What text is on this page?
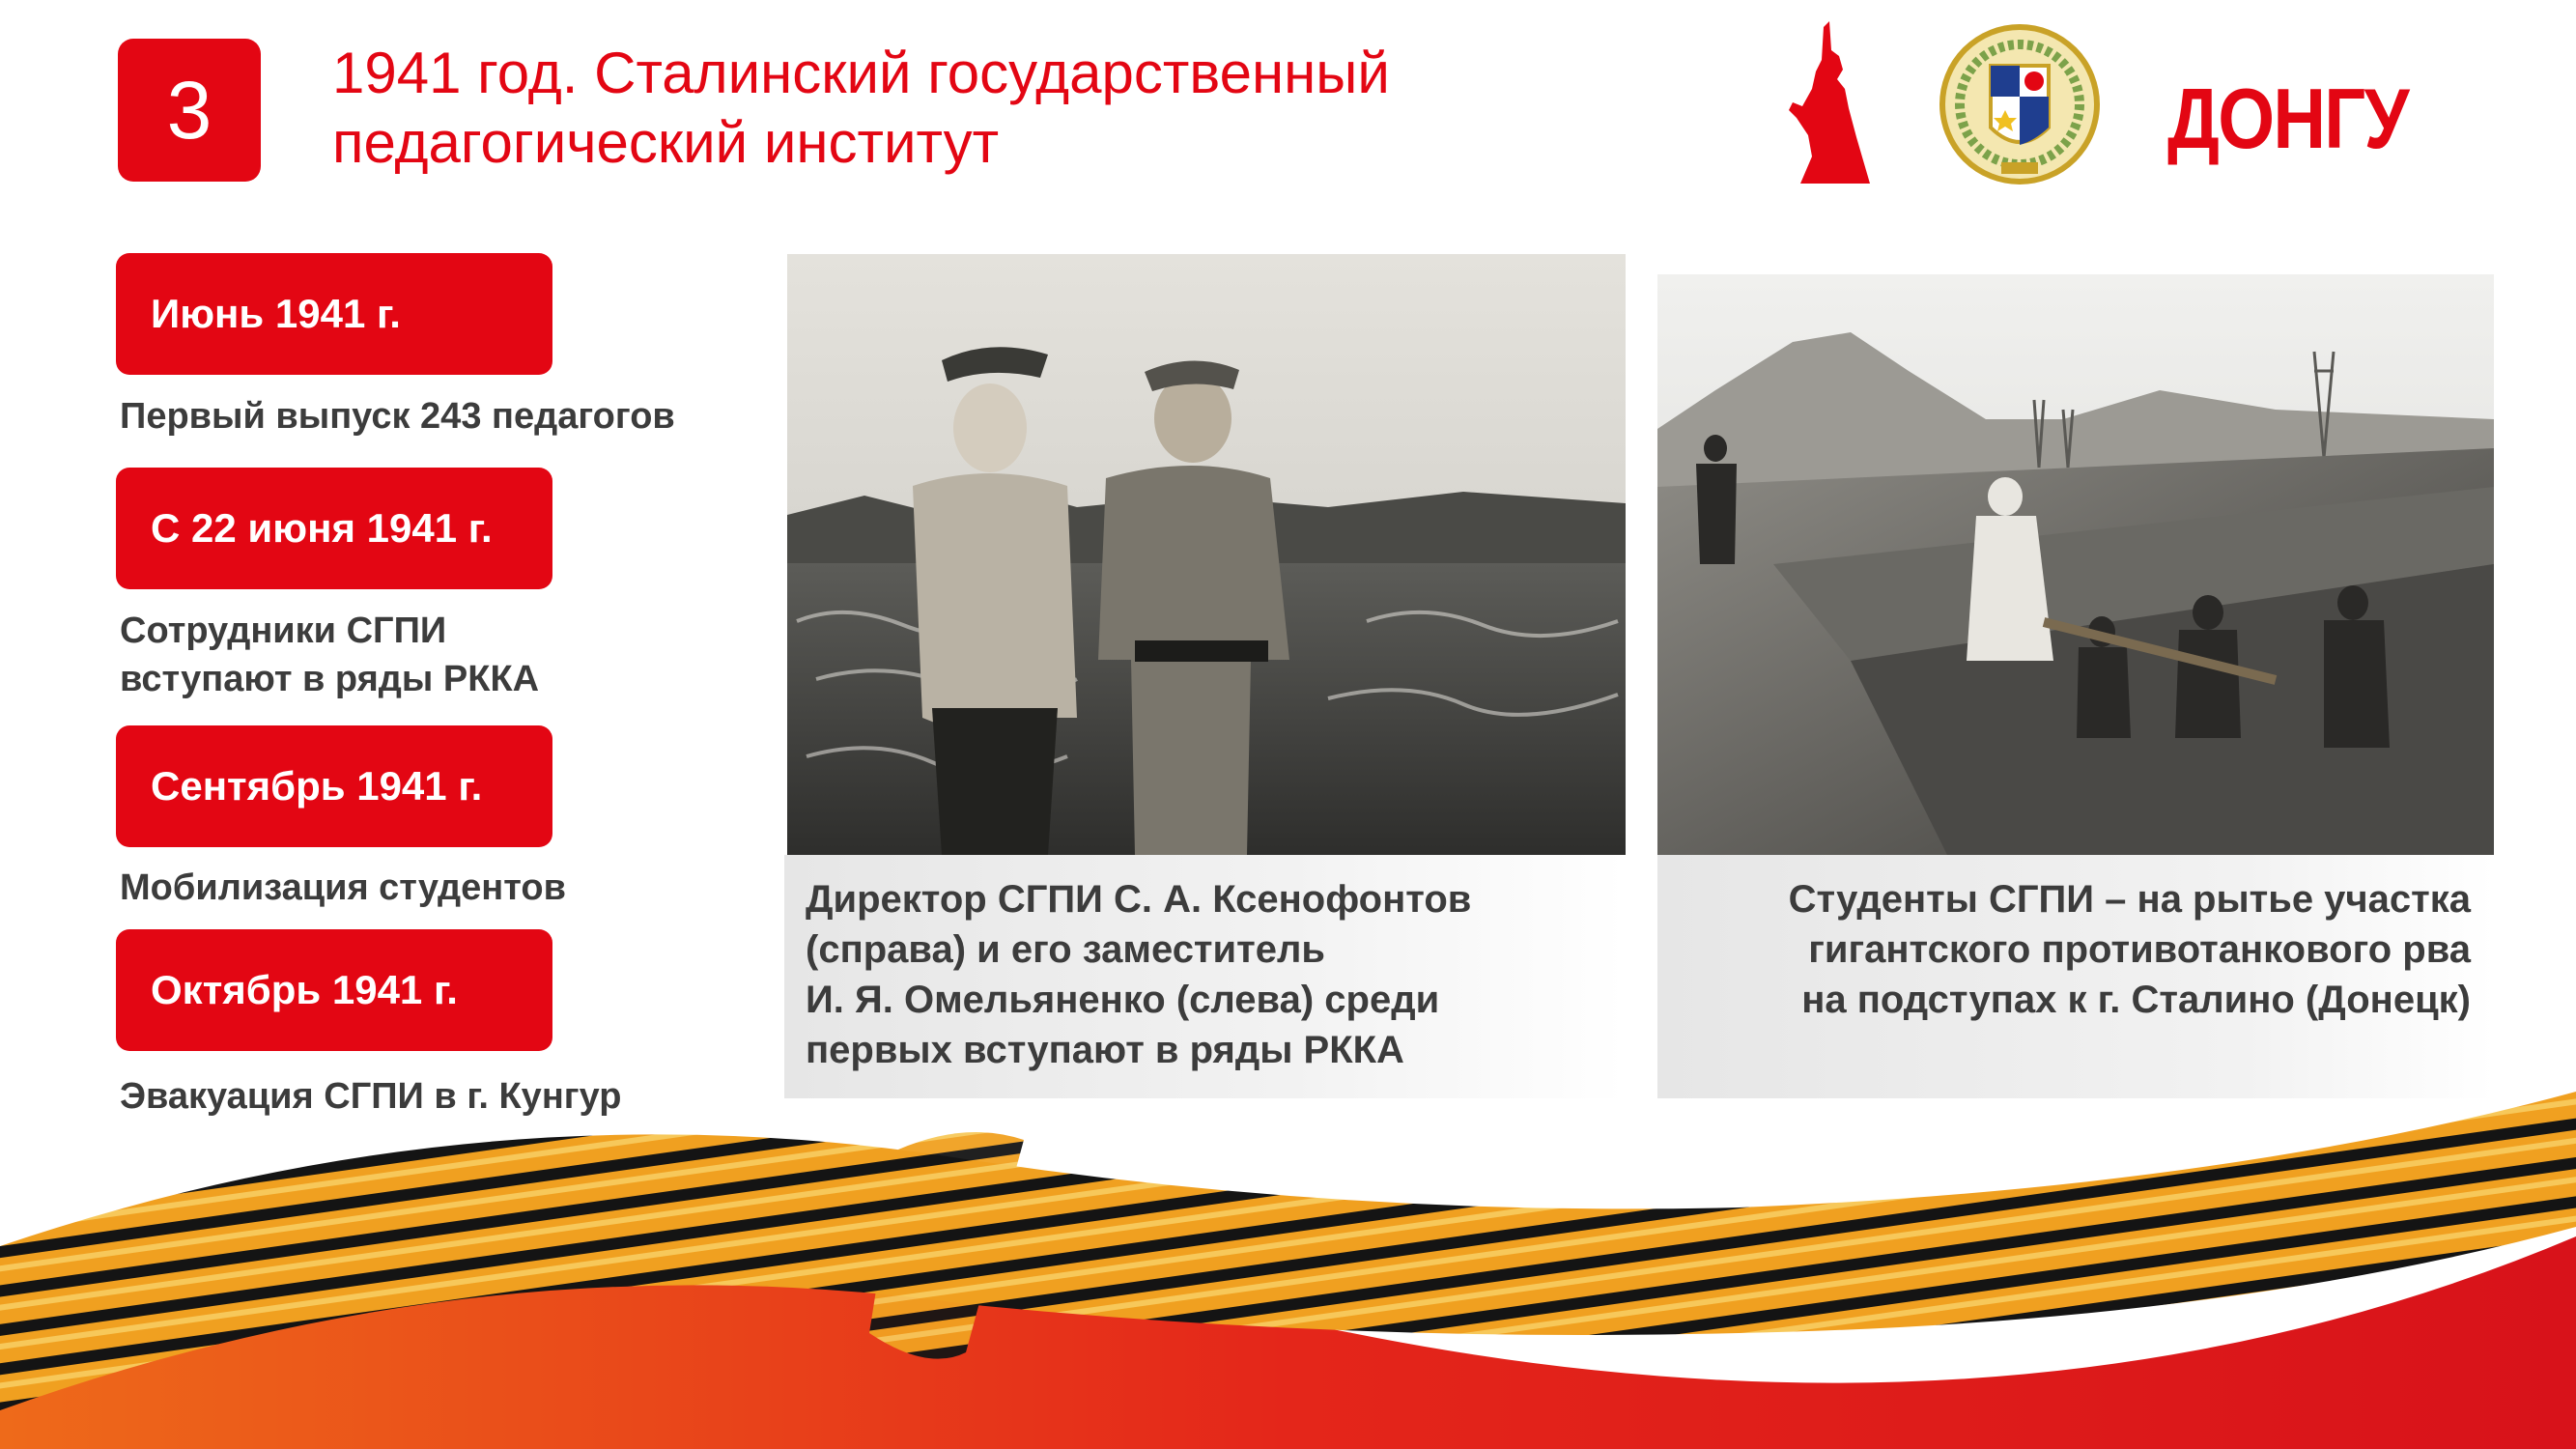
3	1941 год. Сталинский государственный
педагогический институт	ДОНГУ
Июнь 1941 г.
Первый выпуск 243 педагогов
С 22 июня 1941 г.
Сотрудники СГПИ
вступают в ряды РККА
Сентябрь 1941 г.
Мобилизация студентов
Октябрь 1941 г.
Эвакуация СГПИ в г. Кунгур
Директор СГПИ С. А. Ксенофонтов
(справа) и его заместитель
И. Я. Омельяненко (слева) среди
первых вступают в ряды РККА
Студенты СГПИ – на рытье участка
гигантского противотанкового рва
на подступах к г. Сталино (Донецк)
